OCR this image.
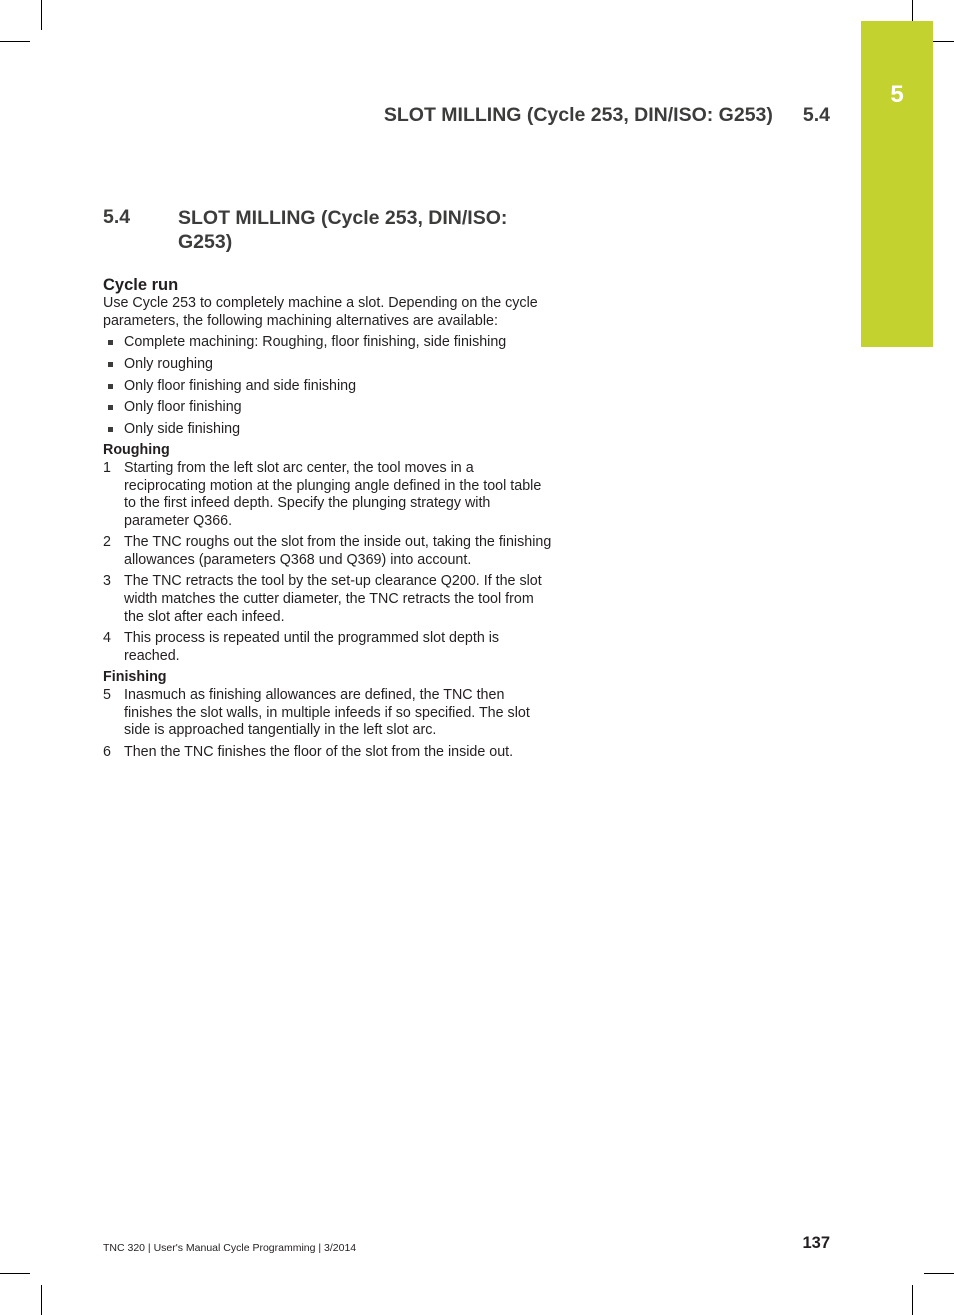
5
SLOT MILLING (Cycle 253, DIN/ISO: G253) 5.4
5.4 SLOT MILLING (Cycle 253, DIN/ISO: G253)

Cycle run

Use Cycle 253 to completely machine a slot. Depending on the cycle parameters, the following machining alternatives are available:

Complete machining: Roughing, floor finishing, side finishing
Only roughing
Only floor finishing and side finishing
Only floor finishing
Only side finishing

Roughing

1 Starting from the left slot arc center, the tool moves in a reciprocating motion at the plunging angle defined in the tool table to the first infeed depth. Specify the plunging strategy with parameter Q366.
2 The TNC roughs out the slot from the inside out, taking the finishing allowances (parameters Q368 und Q369) into account.
3 The TNC retracts the tool by the set-up clearance Q200. If the slot width matches the cutter diameter, the TNC retracts the tool from the slot after each infeed.
4 This process is repeated until the programmed slot depth is reached.

Finishing

5 Inasmuch as finishing allowances are defined, the TNC then finishes the slot walls, in multiple infeeds if so specified. The slot side is approached tangentially in the left slot arc.
6 Then the TNC finishes the floor of the slot from the inside out.
TNC 320 | User's Manual Cycle Programming | 3/2014	137
